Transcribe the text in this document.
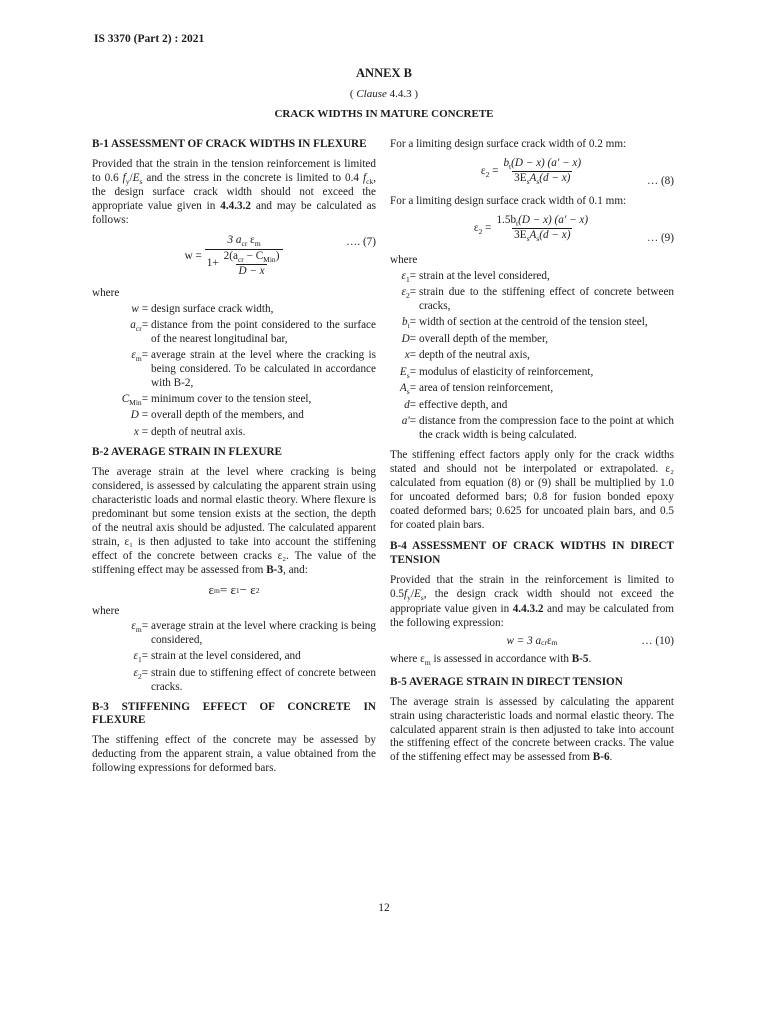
IS 3370 (Part 2) : 2021
ANNEX B
( Clause 4.4.3 )
CRACK WIDTHS IN MATURE CONCRETE
B-1 ASSESSMENT OF CRACK WIDTHS IN FLEXURE

Provided that the strain in the tension reinforcement is limited to 0.6 $f_y/E_s$ and the stress in the concrete is limited to 0.4 $f_{ck}$, the design surface crack width should not exceed the appropriate value given in 4.4.3.2 and may be calculated as follows:

$w = \frac{3 a_{cr} \varepsilon_m}{1+ \frac{2(a_{cr} - C_{Min})}{D - x}}$	…. (7)
where
w = design surface crack width,
$a_{cr}=$ distance from the point considered to the surface of the nearest longitudinal bar,
$\varepsilon_m=$ average strain at the level where the cracking is being considered. To be calculated in accordance with B-2,
$C_{Min}=$ minimum cover to the tension steel,
D = overall depth of the members, and
x = depth of neutral axis.
B-2 AVERAGE STRAIN IN FLEXURE

The average strain at the level where cracking is being considered, is assessed by calculating the apparent strain using characteristic loads and normal elastic theory. Where flexure is predominant but some tension exists at the section, the depth of the neutral axis should be adjusted. The calculated apparent strain, ε₁ is then adjusted to take into account the stiffening effect of the concrete between cracks ε₂. The value of the stiffening effect may be assessed from B-3, and:

ε m = ε 1 − ε 2
where
$\varepsilon_m=$ average strain at the level where cracking is being considered,
$\varepsilon_1=$ strain at the level considered, and
$\varepsilon_2=$ strain due to stiffening effect of concrete between cracks.
B-3 STIFFENING EFFECT OF CONCRETE IN FLEXURE

The stiffening effect of the concrete may be assessed by deducting from the apparent strain, a value obtained from the following expressions for deformed bars.

For a limiting design surface crack width of 0.2 mm:

$\varepsilon_2 = \frac{b_t(D - x) (a' - x)}{3E_sA_s(d - x)}$	… (8)

For a limiting design surface crack width of 0.1 mm:

$\varepsilon_2 = \frac{1.5b_t(D - x) (a' - x)}{3E_sA_s(d - x)}$	… (9)
where
$\varepsilon_1=$ strain at the level considered,
$\varepsilon_2=$ strain due to the stiffening effect of concrete between cracks,
$b_t=$ width of section at the centroid of the tension steel,
D= overall depth of the member,
x= depth of the neutral axis,
$E_s=$ modulus of elasticity of reinforcement,
$A_s=$ area of tension reinforcement,
d= effective depth, and
a'= distance from the compression face to the point at which the crack width is being calculated.

The stiffening effect factors apply only for the crack widths stated and should not be interpolated or extrapolated. ε₂ calculated from equation (8) or (9) shall be multiplied by 1.0 for uncoated deformed bars; 0.8 for fusion bonded epoxy coated deformed bars; 0.625 for uncoated plain bars, and 0.5 for coated plain bars.

B-4 ASSESSMENT OF CRACK WIDTHS IN DIRECT TENSION

Provided that the strain in the reinforcement is limited to $0.5f_y/E_s$, the design crack width should not exceed the appropriate value given in 4.4.3.2 and may be calculated from the following expression:

w = 3 a cr ε m	… (10)

where $\varepsilon_m$ is assessed in accordance with B-5.

B-5 AVERAGE STRAIN IN DIRECT TENSION

The average strain is assessed by calculating the apparent strain using characteristic loads and normal elastic theory. The calculated apparent strain is then adjusted to take into account the stiffening effect of the concrete between cracks. The value of the stiffening effect may be assessed from B-6.

12
